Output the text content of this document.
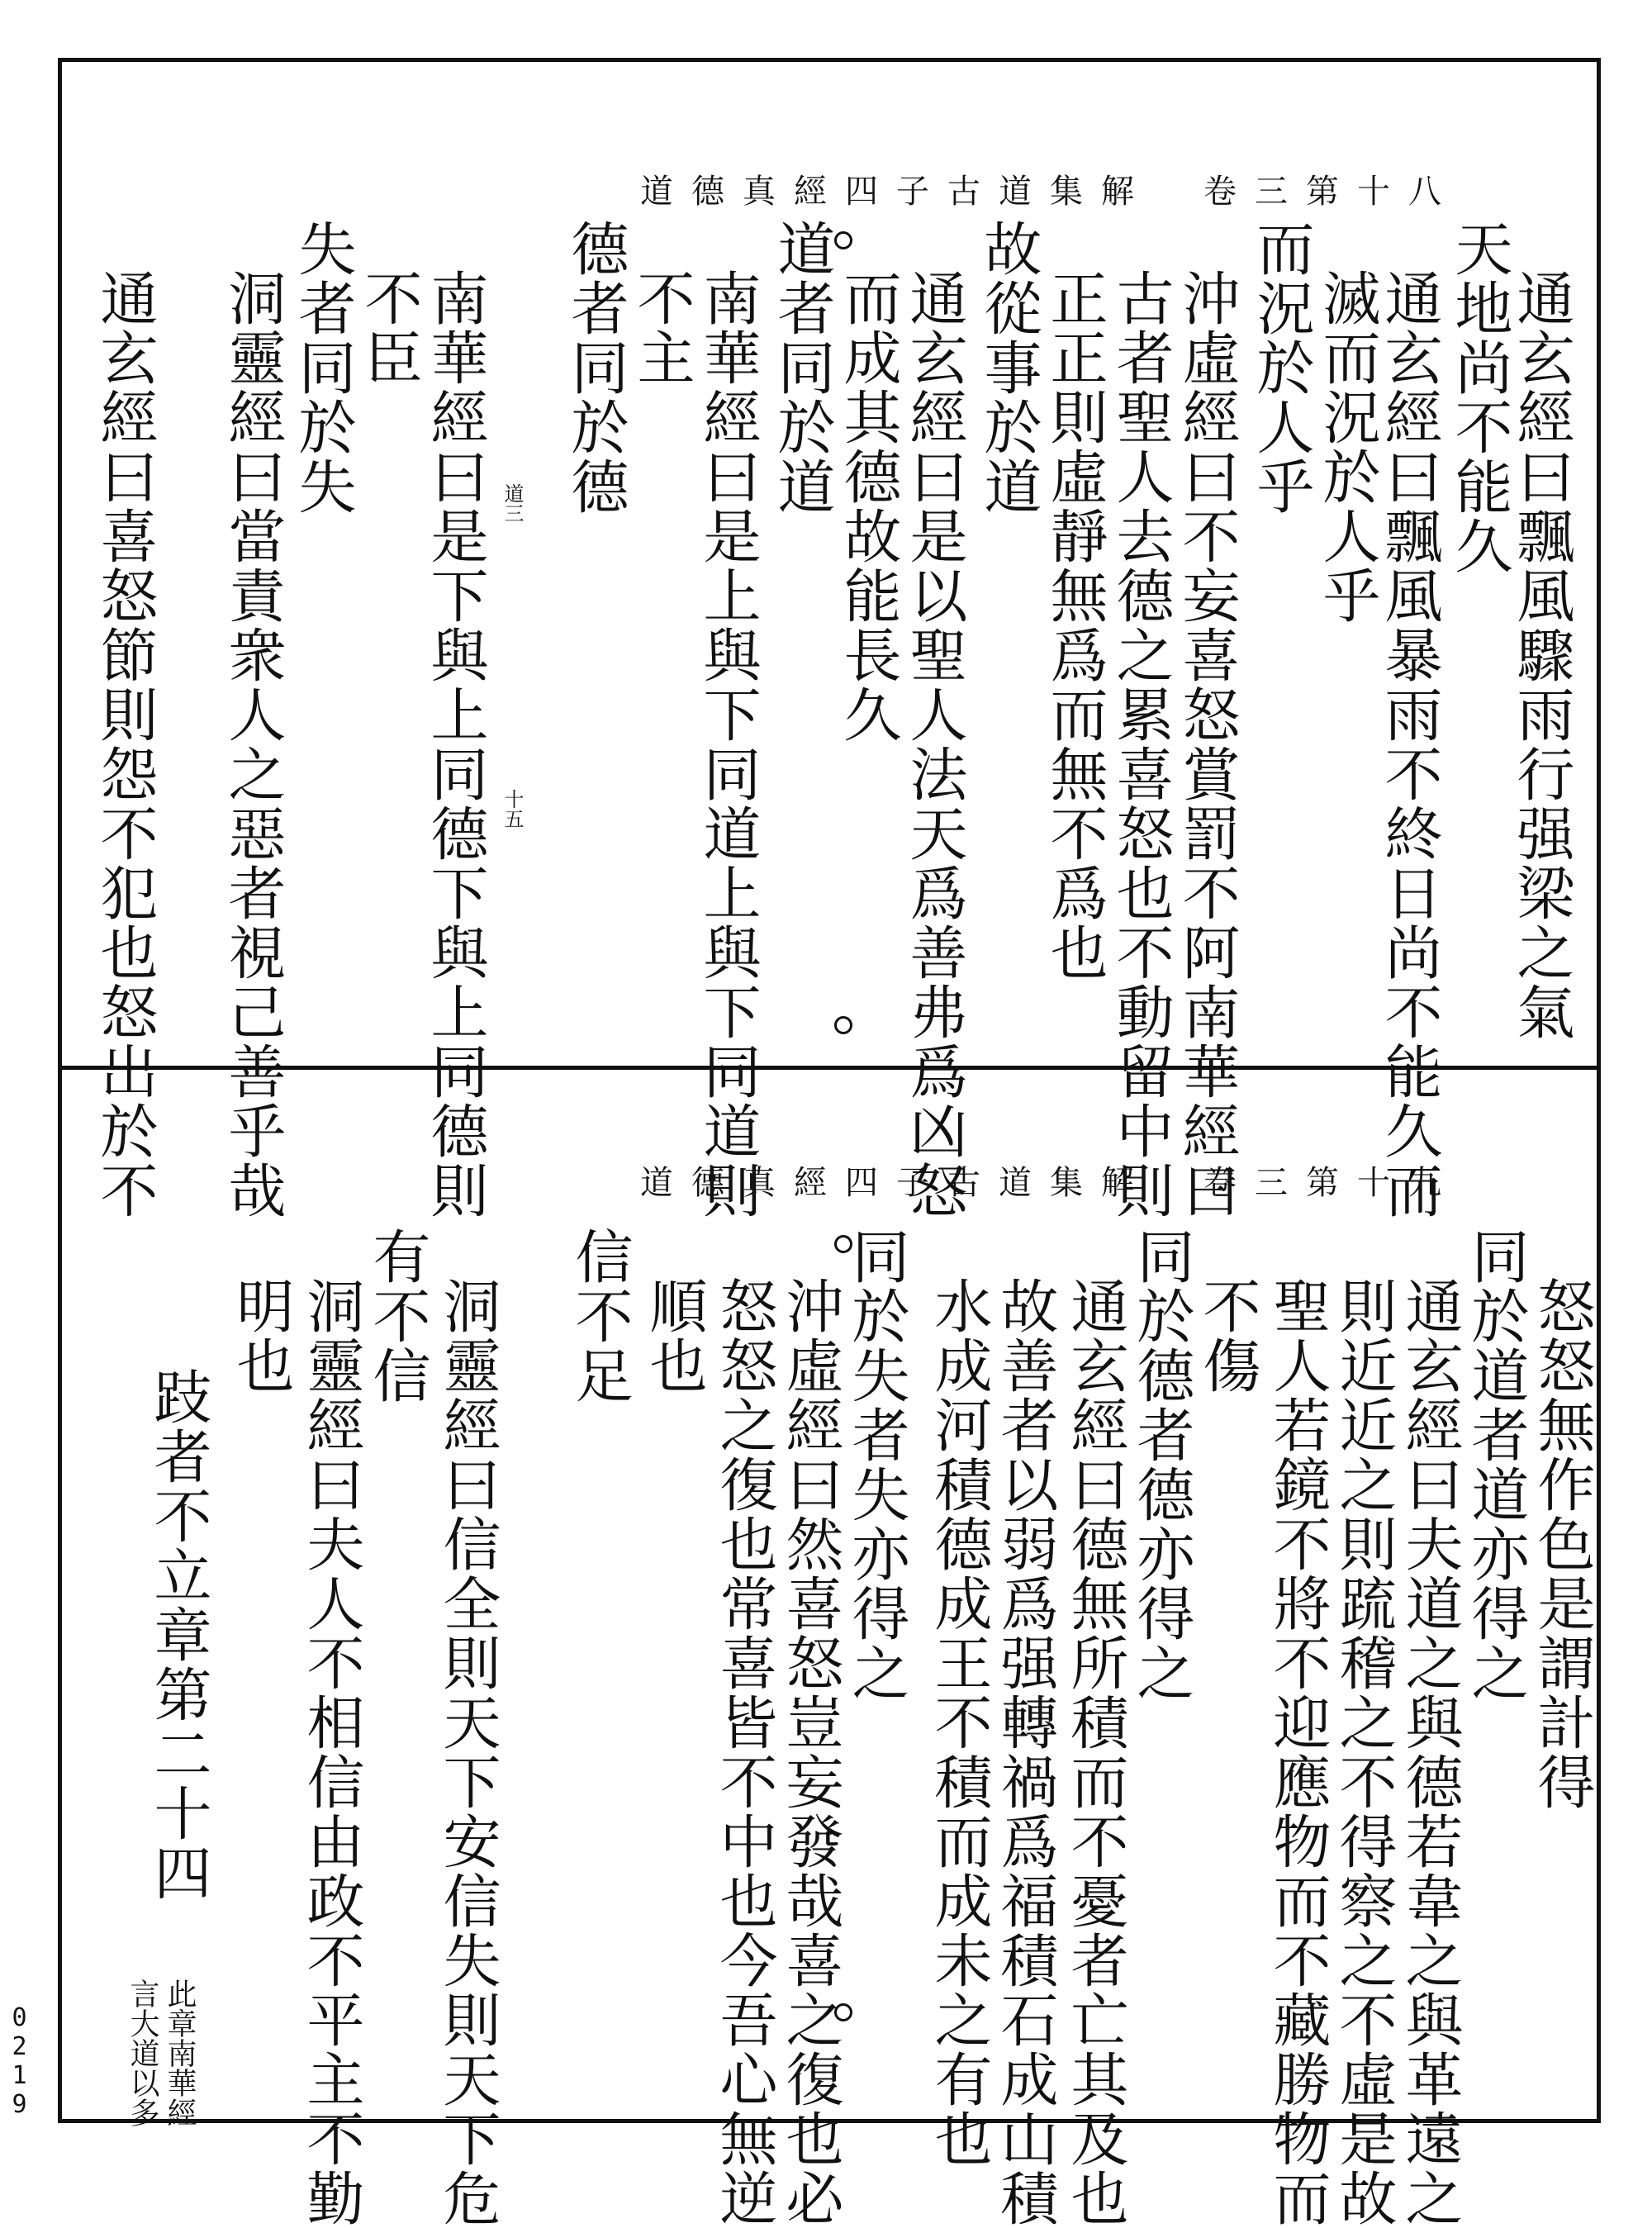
道德真經四子古道集解　卷三第十八
通玄經曰飄風驟雨行强梁之氣
天地尚不能久
通玄經曰飄風暴雨不終日尚不能久而
滅而況於人乎
而況於人乎
沖虛經曰不妄喜怒賞罰不阿南華經曰
古者聖人去德之累喜怒也不動留中則
正正則虛靜無爲而無不爲也
故從事於道
通玄經曰是以聖人法天爲善弗爲凶怒
而成其德故能長久
道者同於道
南華經曰是上與下同道上與下同道則
不主
德者同於德
南華經曰是下與上同德下與上同德則
不臣
失者同於失
洞靈經曰當責衆人之惡者視己善乎哉
通玄經曰喜怒節則怨不犯也怒出於不	道三
十五
道德真經四子古道集解　卷三第十九
怒怒無作色是謂計得
同於道者道亦得之
通玄經曰夫道之與德若韋之與革遠之
則近近之則䟽稽之不得察之不虛是故
聖人若鏡不將不迎應物而不藏勝物而
不傷
同於德者德亦得之
通玄經曰德無所積而不憂者亡其及也
故善者以弱爲强轉禍爲福積石成山積
水成河積德成王不積而成未之有也
同於失者失亦得之
沖虛經曰然喜怒豈妄發哉喜之復也必
怒怒之復也常喜皆不中也今吾心無逆
順也
信不足
洞靈經曰信全則天下安信失則天下危
有不信
洞靈經曰夫人不相信由政不平主不勤
明也
跂者不立章第二十四
此章南華經
言大道以多
0219
